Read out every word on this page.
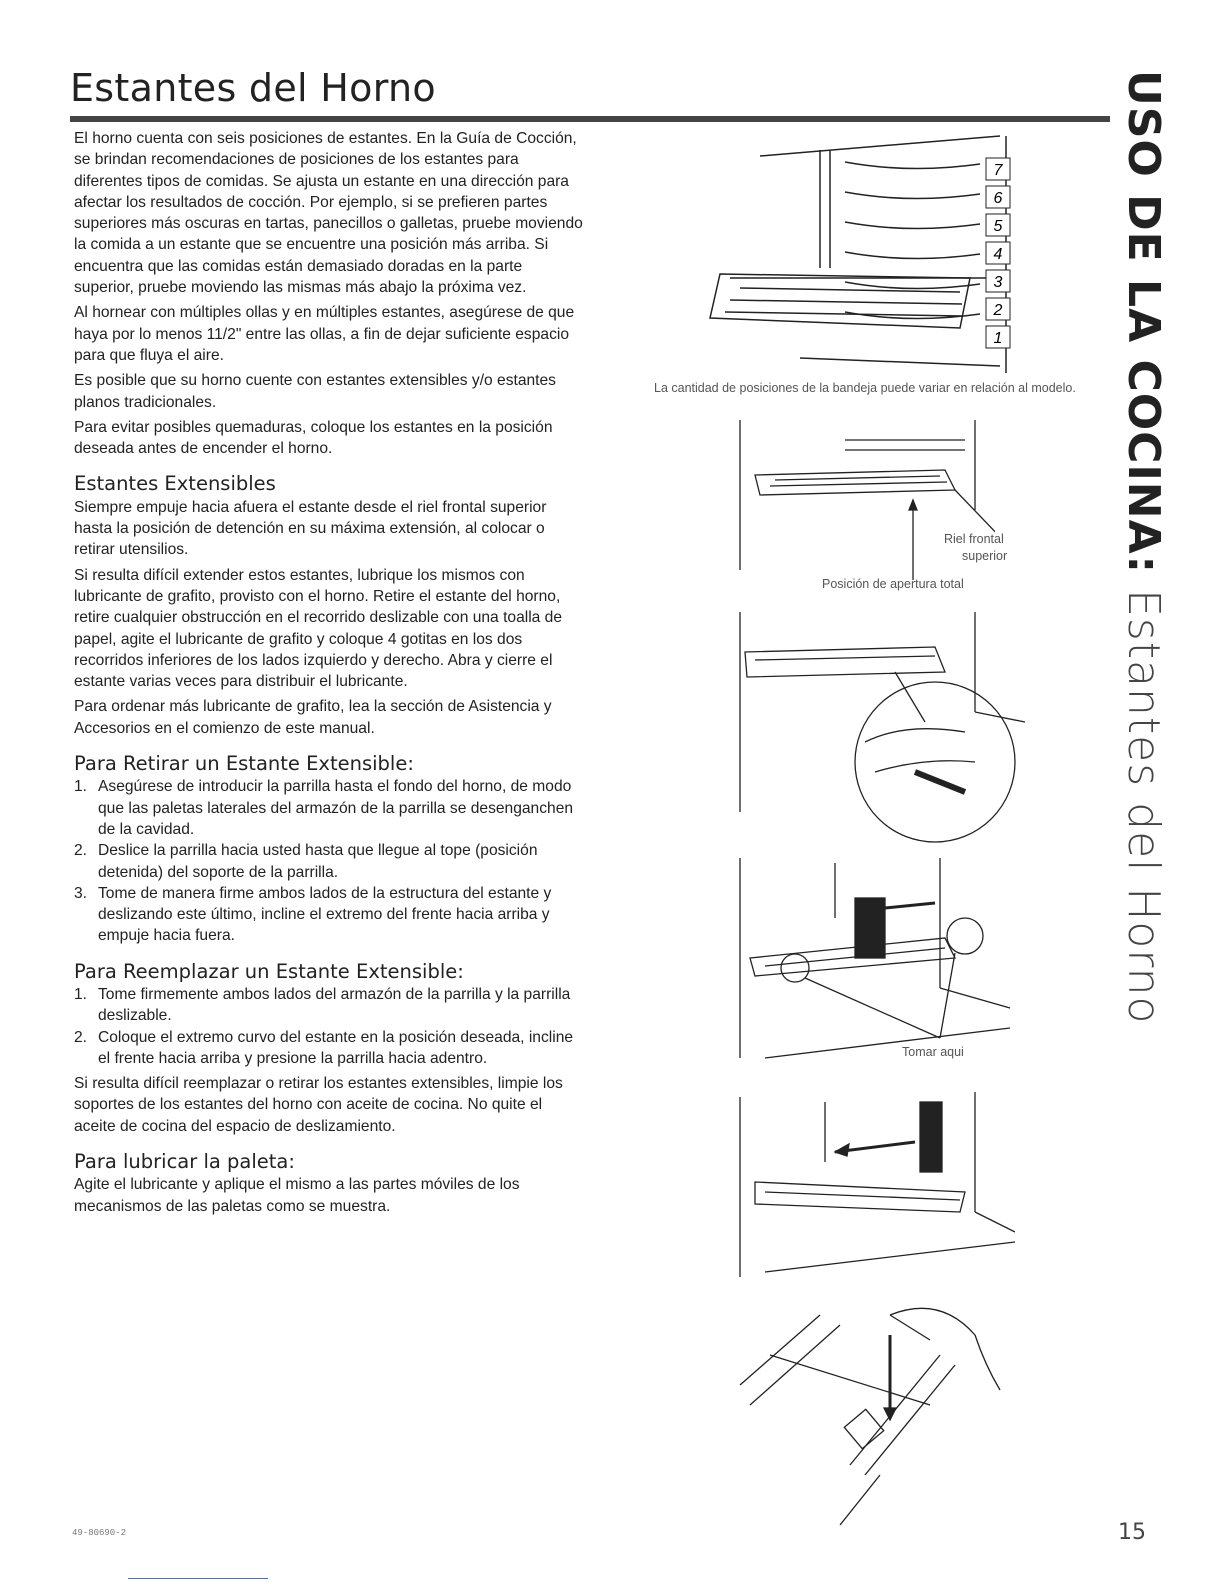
Estantes del Horno

El horno cuenta con seis posiciones de estantes. En la Guía de Cocción, se brindan recomendaciones de posiciones de los estantes para diferentes tipos de comidas. Se ajusta un estante en una dirección para afectar los resultados de cocción. Por ejemplo, si se prefieren partes superiores más oscuras en tartas, panecillos o galletas, pruebe moviendo la comida a un estante que se encuentre una posición más arriba. Si encuentra que las comidas están demasiado doradas en la parte superior, pruebe moviendo las mismas más abajo la próxima vez.

Al hornear con múltiples ollas y en múltiples estantes, asegúrese de que haya por lo menos 11/2" entre las ollas, a fin de dejar suficiente espacio para que fluya el aire.

Es posible que su horno cuente con estantes extensibles y/o estantes planos tradicionales.

Para evitar posibles quemaduras, coloque los estantes en la posición deseada antes de encender el horno.

Estantes Extensibles

Siempre empuje hacia afuera el estante desde el riel frontal superior hasta la posición de detención en su máxima extensión, al colocar o retirar utensilios.

Si resulta difícil extender estos estantes, lubrique los mismos con lubricante de grafito, provisto con el horno. Retire el estante del horno, retire cualquier obstrucción en el recorrido deslizable con una toalla de papel, agite el lubricante de grafito y coloque 4 gotitas en los dos recorridos inferiores de los lados izquierdo y derecho. Abra y cierre el estante varias veces para distribuir el lubricante.

Para ordenar más lubricante de grafito, lea la sección de Asistencia y Accesorios en el comienzo de este manual.

Para Retirar un Estante Extensible:
1. Asegúrese de introducir la parrilla hasta el fondo del horno, de modo que las paletas laterales del armazón de la parrilla se desenganchen de la cavidad.
2. Deslice la parrilla hacia usted hasta que llegue al tope (posición detenida) del soporte de la parrilla.
3. Tome de manera firme ambos lados de la estructura del estante y deslizando este último, incline el extremo del frente hacia arriba y empuje hacia fuera.
Para Reemplazar un Estante Extensible:
1. Tome firmemente ambos lados del armazón de la parrilla y la parrilla deslizable.
2. Coloque el extremo curvo del estante en la posición deseada, incline el frente hacia arriba y presione la parrilla hacia adentro.

Si resulta difícil reemplazar o retirar los estantes extensibles, limpie los soportes de los estantes del horno con aceite de cocina. No quite el aceite de cocina del espacio de deslizamiento.

Para lubricar la paleta:

Agite el lubricante y aplique el mismo a las partes móviles de los mecanismos de las paletas como se muestra.

USO DE LA COCINA: Estantes del Horno
7
6
5
4
3
2
1
La cantidad de posiciones de la bandeja puede variar en relación al modelo.
Riel frontal
superior
Posición de apertura total
Tomar aqui
49-80690-2	15
